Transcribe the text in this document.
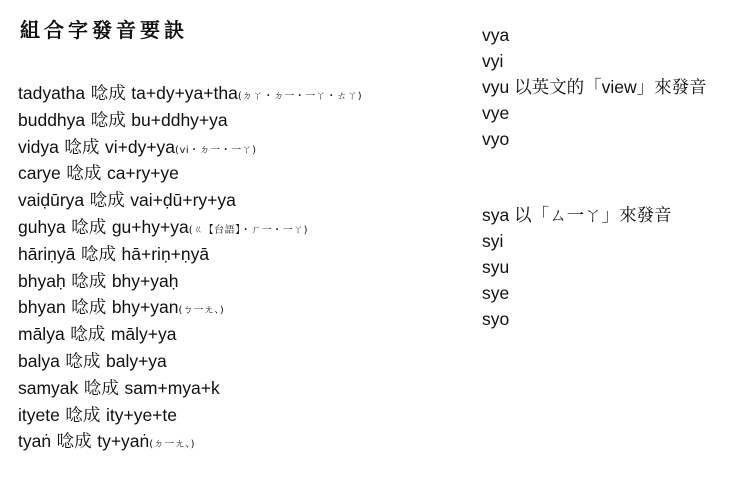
組合字發音要訣
tadyatha 唸成 ta+dy+ya+tha(ㄉㄚ・ㄉ一・一ㄚ・ㄊㄚ)
buddhya 唸成 bu+ddhy+ya
vidya 唸成 vi+dy+ya(vi・ㄉ一・一ㄚ)
carye 唸成 ca+ry+ye
vaiḍūrya 唸成 vai+ḍū+ry+ya
guhya 唸成 gu+hy+ya(ㄍ【台語】・ㄏ一・一ㄚ)
hāriṇyā 唸成 hā+riṇ+ṇyā
bhyaḥ 唸成 bhy+yaḥ
bhyan 唸成 bhy+yan(ㄅ一ㄤ、)
mālya 唸成 māly+ya
balya 唸成 baly+ya
samyak 唸成 sam+mya+k
ityete 唸成 ity+ye+te
tyaṅ 唸成 ty+yaṅ(ㄉ一ㄤ、)
vya
vyi
vyu 以英文的「view」來發音
vye
vyo
sya 以「ㄙ一ㄚ」來發音
syi
syu
sye
syo
